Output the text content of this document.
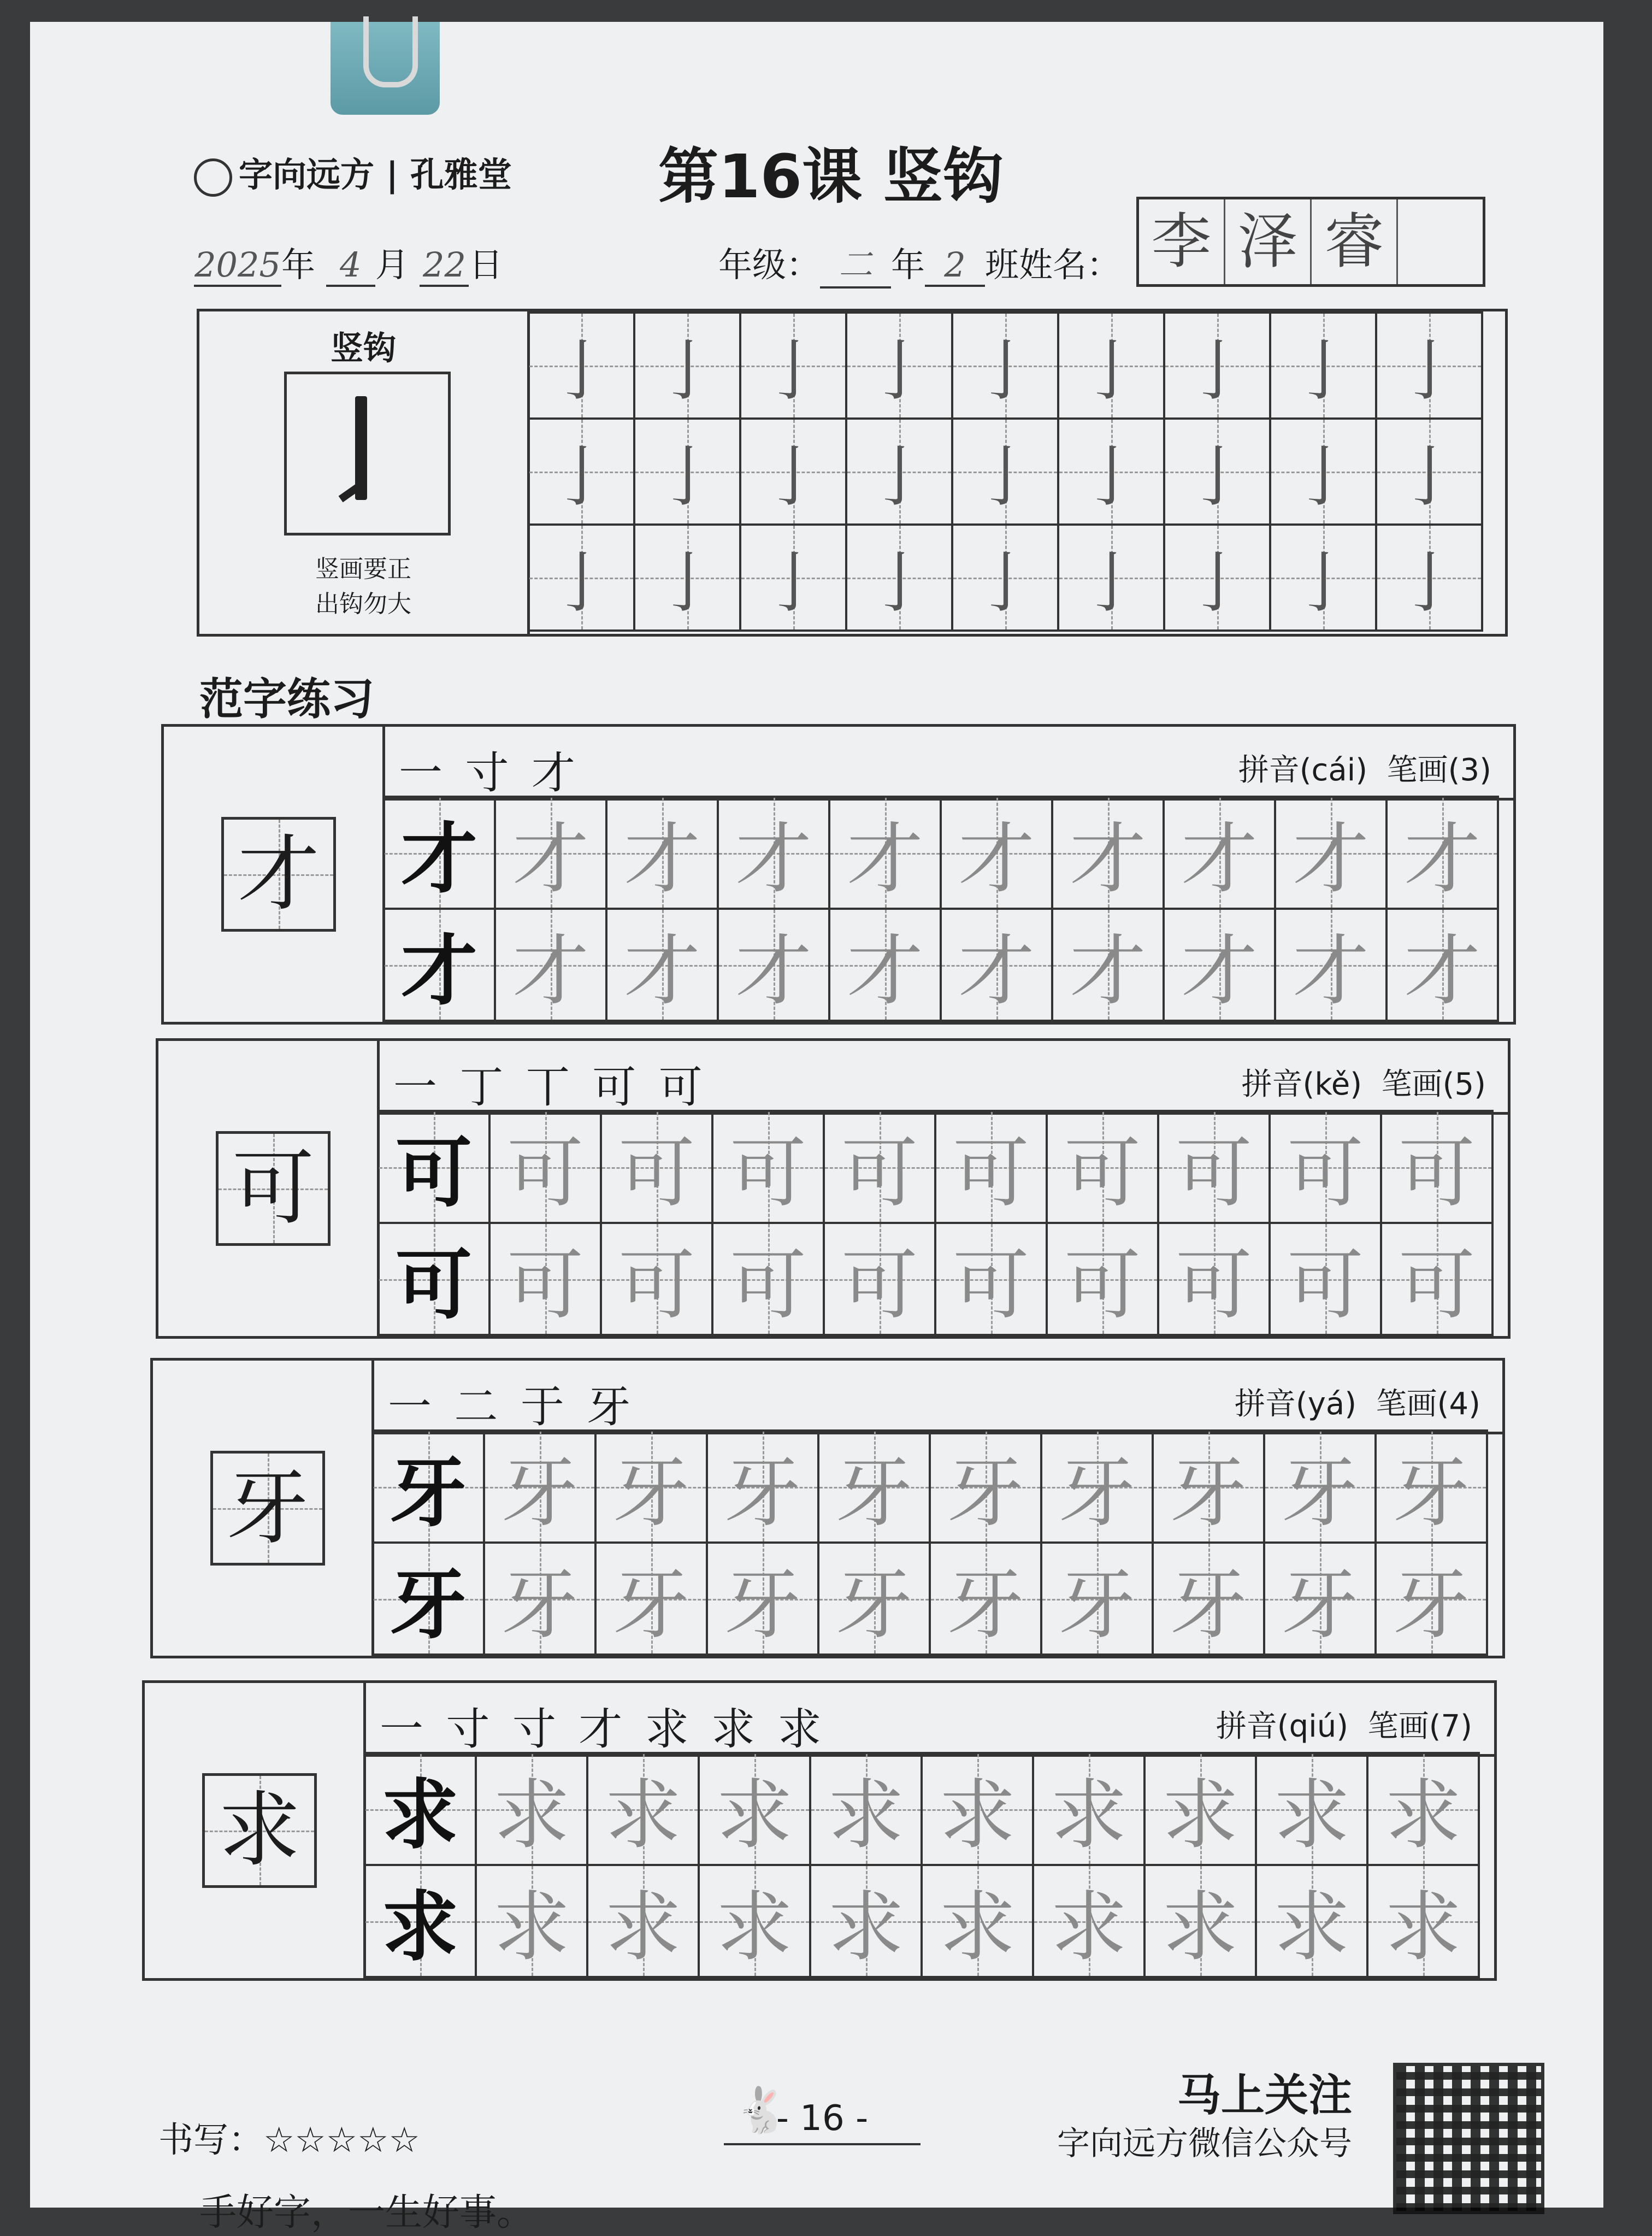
字向远方 | 孔雅堂 第16课 竖钩
2025年 4 月 22日	年级： 二 年 2 班姓名： 李 泽 睿
竖钩
竖画要正
出钩勿大
亅	亅	亅	亅	亅	亅	亅	亅	亅
亅	亅	亅	亅	亅	亅	亅	亅	亅
亅	亅	亅	亅	亅	亅	亅	亅	亅
范字练习
才
一 寸 才	拼音(cái) 笔画(3)
才	才	才	才	才	才	才	才	才	才
才	才	才	才	才	才	才	才	才	才
可
一 丁 丅 可 可	拼音(kě) 笔画(5)
可	可	可	可	可	可	可	可	可	可
可	可	可	可	可	可	可	可	可	可
牙
一 二 于 牙	拼音(yá) 笔画(4)
牙	牙	牙	牙	牙	牙	牙	牙	牙	牙
牙	牙	牙	牙	牙	牙	牙	牙	牙	牙
求
一 寸 寸 才 求 求 求	拼音(qiú) 笔画(7)
求	求	求	求	求	求	求	求	求	求
求	求	求	求	求	求	求	求	求	求
书写：☆☆☆☆☆
🐇
- 16 -	马上关注
字向远方微信公众号
手好字，一生好事。
